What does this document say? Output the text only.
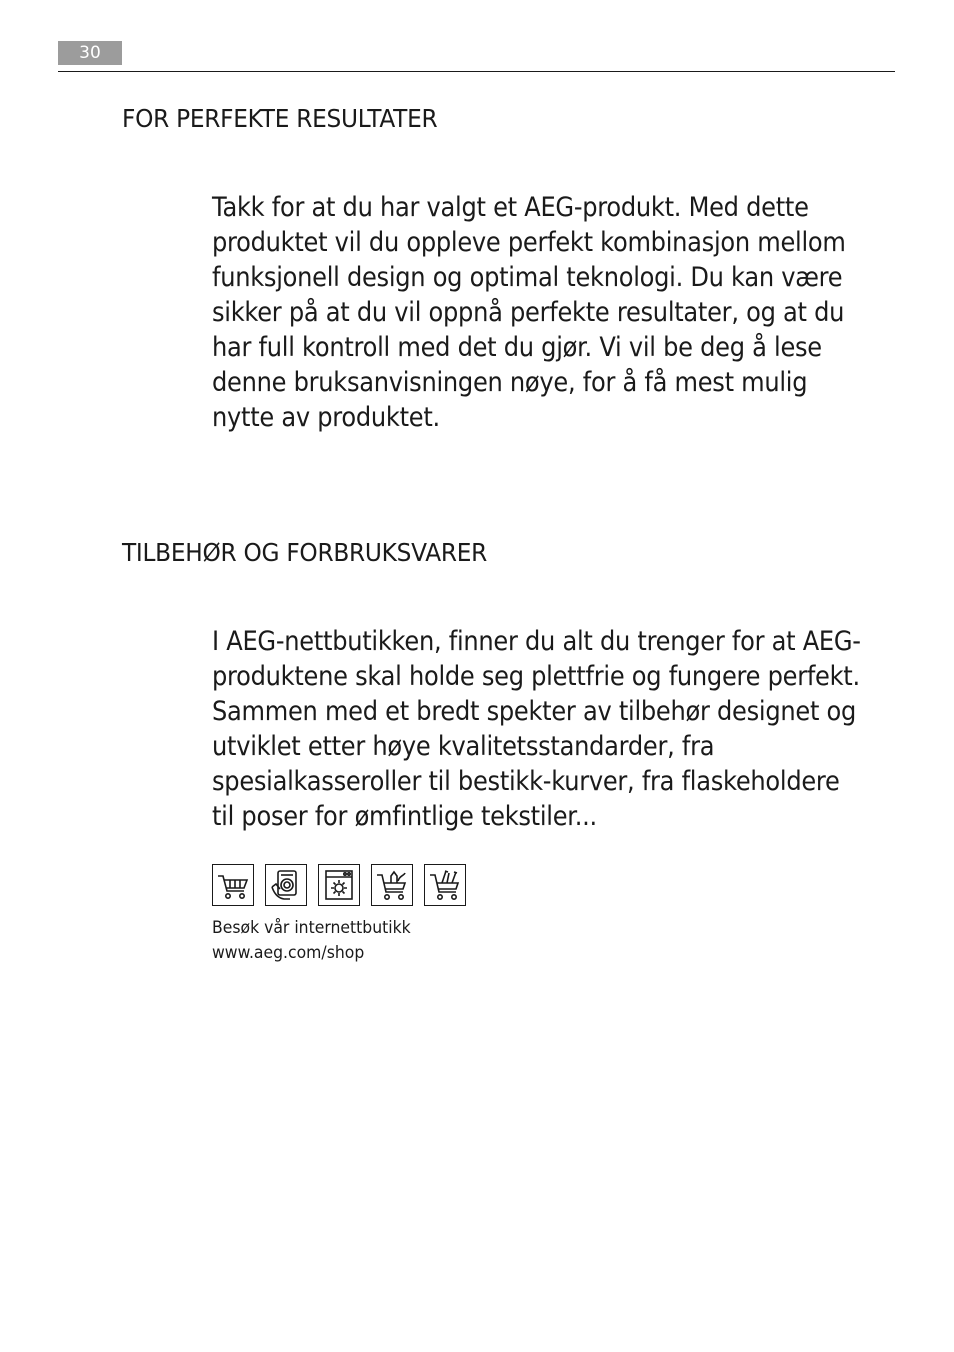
30
FOR PERFEKTE RESULTATER

Takk for at du har valgt et AEG-produkt. Med dette produktet vil du oppleve perfekt kombinasjon mellom funksjonell design og optimal teknologi. Du kan være sikker på at du vil oppnå perfekte resultater, og at du har full kontroll med det du gjør. Vi vil be deg å lese denne bruksanvisningen nøye, for å få mest mulig nytte av produktet.

TILBEHØR OG FORBRUKSVARER

I AEG-nettbutikken, finner du alt du trenger for at AEG-produktene skal holde seg plettfrie og fungere perfekt. Sammen med et bredt spekter av tilbehør designet og utviklet etter høye kvalitetsstandarder, fra spesialkasseroller til bestikk-kurver, fra flaskeholdere til poser for ømfintlige tekstiler...

Besøk vår internettbutikk
www.aeg.com/shop
